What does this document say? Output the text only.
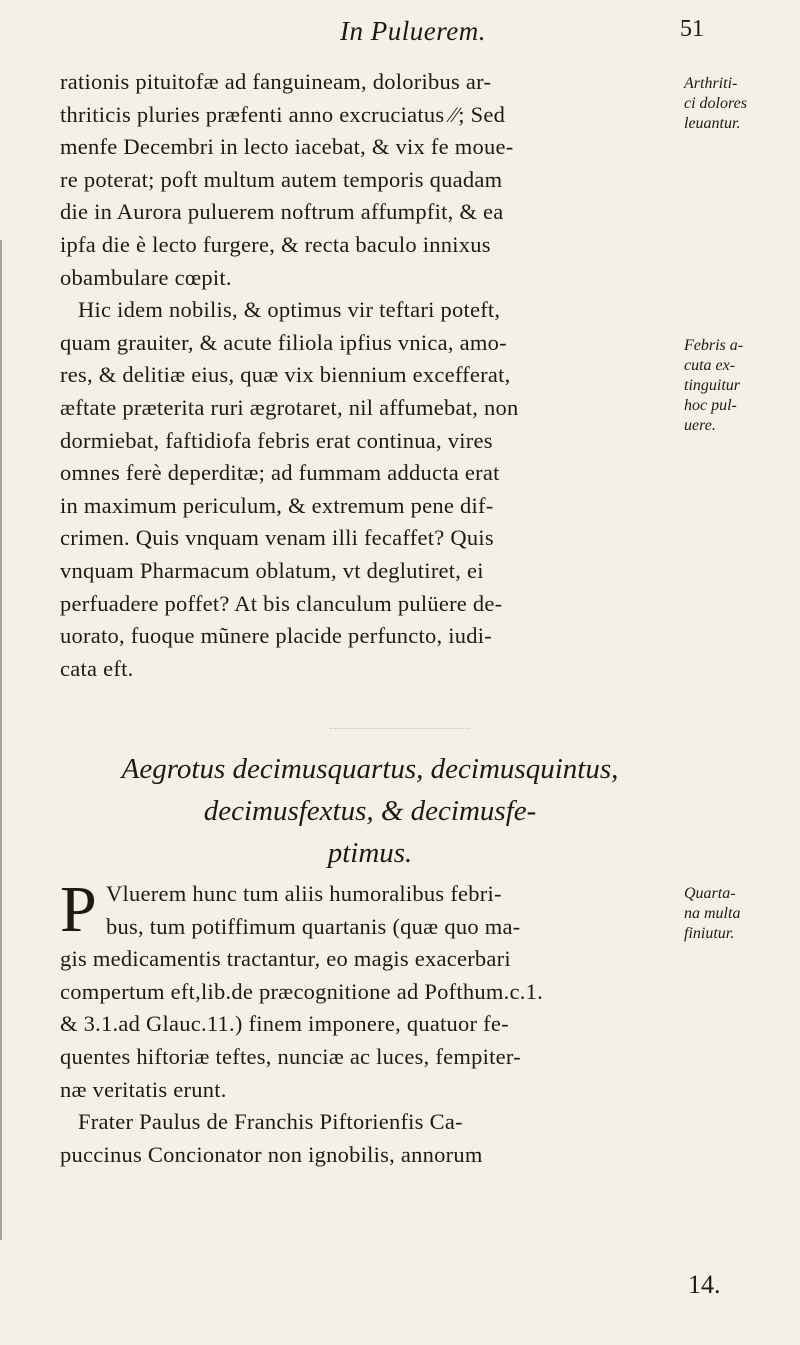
In Puluerem.	51
rationis pituitofæ ad fanguineam, doloribus ar-
thriticis pluries præfenti anno excruciatus ⁄⁄; Sed
menfe Decembri in lecto iacebat, & vix fe moue-
re poterat; poft multum autem temporis quadam
die in Aurora puluerem noftrum affumpfit, & ea
ipfa die è lecto furgere, & recta baculo innixus
obambulare cœpit.
Hic idem nobilis, & optimus vir teftari poteft,
quam grauiter, & acute filiola ipfius vnica, amo-
res, & delitiæ eius, quæ vix biennium excefferat,
æftate præterita ruri ægrotaret, nil affumebat, non
dormiebat, faftidiofa febris erat continua, vires
omnes ferè deperditæ; ad fummam adducta erat
in maximum periculum, & extremum pene dif-
crimen. Quis vnquam venam illi fecaffet? Quis
vnquam Pharmacum oblatum, vt deglutiret, ei
perfuadere poffet? At bis clanculum pulüere de-
uorato, fuoque mũnere placide perfuncto, iudi-
cata eft.
Arthriti-
ci dolores
leuantur.
Febris a-
cuta ex-
tinguitur
hoc pul-
uere.
Aegrotus decimusquartus, decimusquintus,
decimusfextus, & decimusfe-
ptimus.
P Vluerem hunc tum aliis humoralibus febri-
bus, tum potiffimum quartanis (quæ quo ma-
gis medicamentis tractantur, eo magis exacerbari
compertum eft,lib.de præcognitione ad Pofthum.c.1.
& 3.1.ad Glauc.11.) finem imponere, quatuor fe-
quentes hiftoriæ teftes, nunciæ ac luces, fempiter-
næ veritatis erunt.
Frater Paulus de Franchis Piftorienfis Ca-
puccinus Concionator non ignobilis, annorum
Quarta-
na multa
finiutur.
14.
